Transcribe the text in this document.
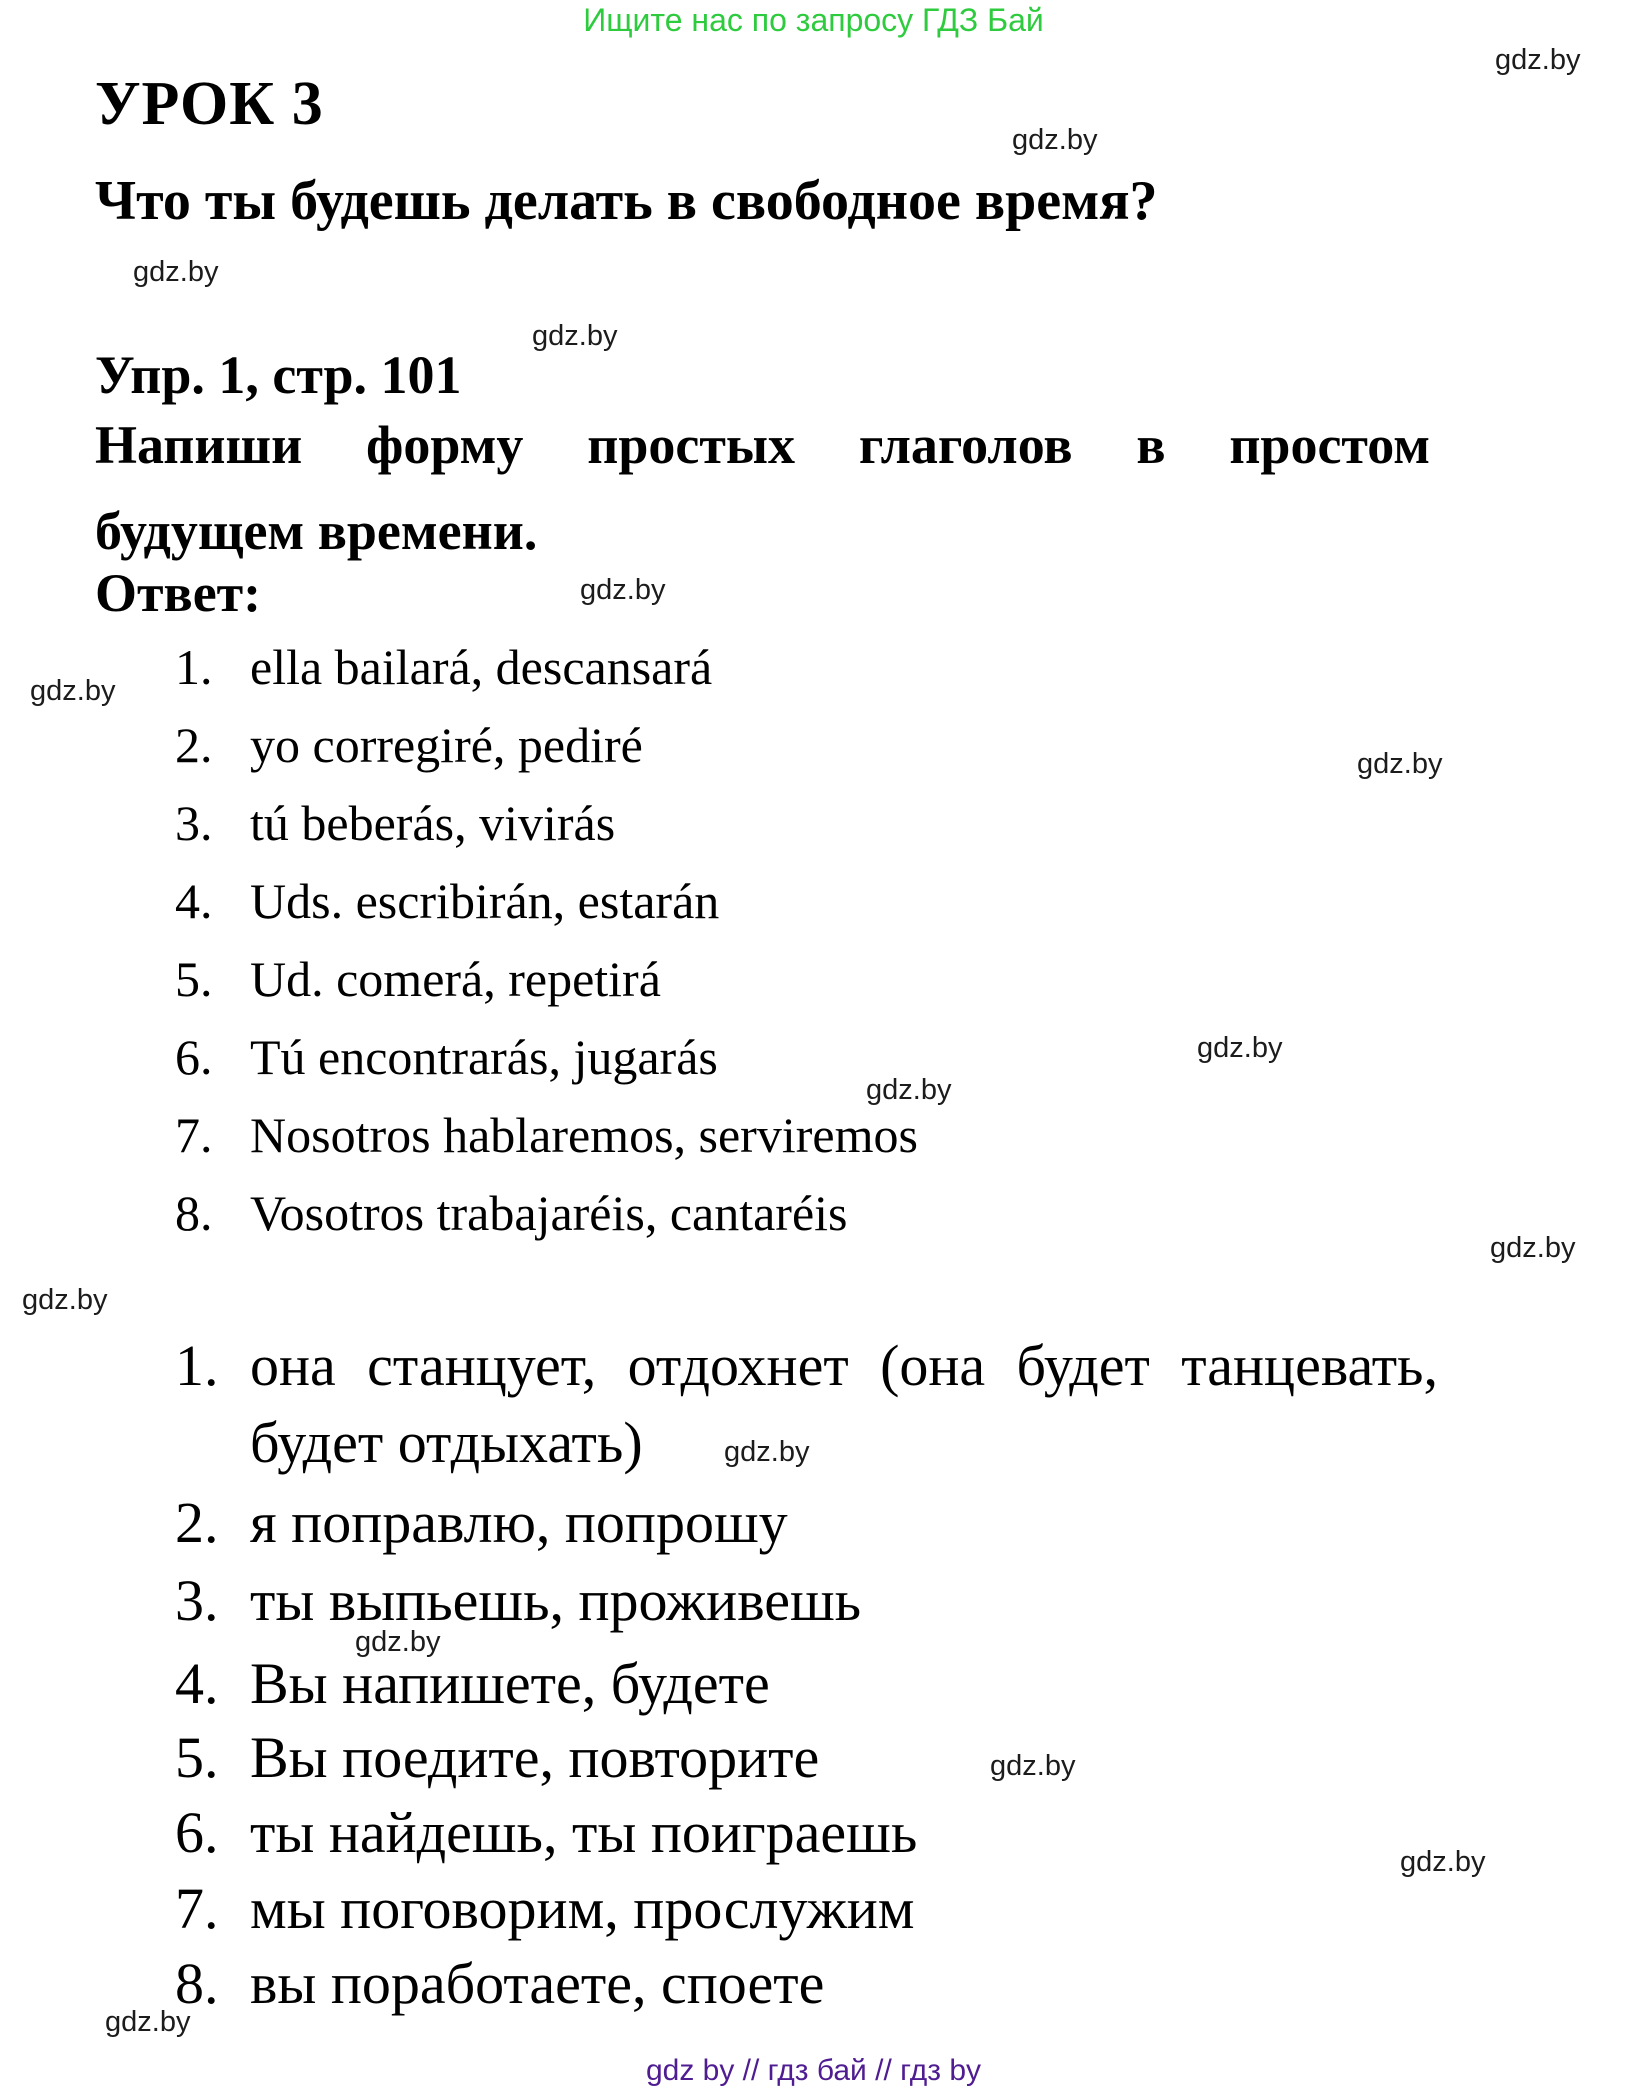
Ищите нас по запросу ГДЗ Бай
gdz.by
gdz.by
gdz.by
gdz.by
gdz.by
gdz.by
gdz.by
gdz.by
gdz.by
gdz.by
gdz.by
gdz.by
gdz.by
gdz.by
gdz.by
gdz.by
УРОК 3
Что ты будешь делать в свободное время?
Упр. 1, стр. 101
Напиши форму простых глаголов в простом
будущем времени.
Ответ:
1. ella bailará, descansará
2. yo corregiré, pediré
3. tú beberás, vivirás
4. Uds. escribirán, estarán
5. Ud. comerá, repetirá
6. Tú encontrarás, jugarás
7. Nosotros hablaremos, serviremos
8. Vosotros trabajaréis, cantaréis
1. она станцует, отдохнет (она будет танцевать,
будет отдыхать)
2. я поправлю, попрошу
3. ты выпьешь, проживешь
4. Вы напишете, будете
5. Вы поедите, повторите
6. ты найдешь, ты поиграешь
7. мы поговорим, прослужим
8. вы поработаете, споете
gdz by // гдз бай // гдз by
